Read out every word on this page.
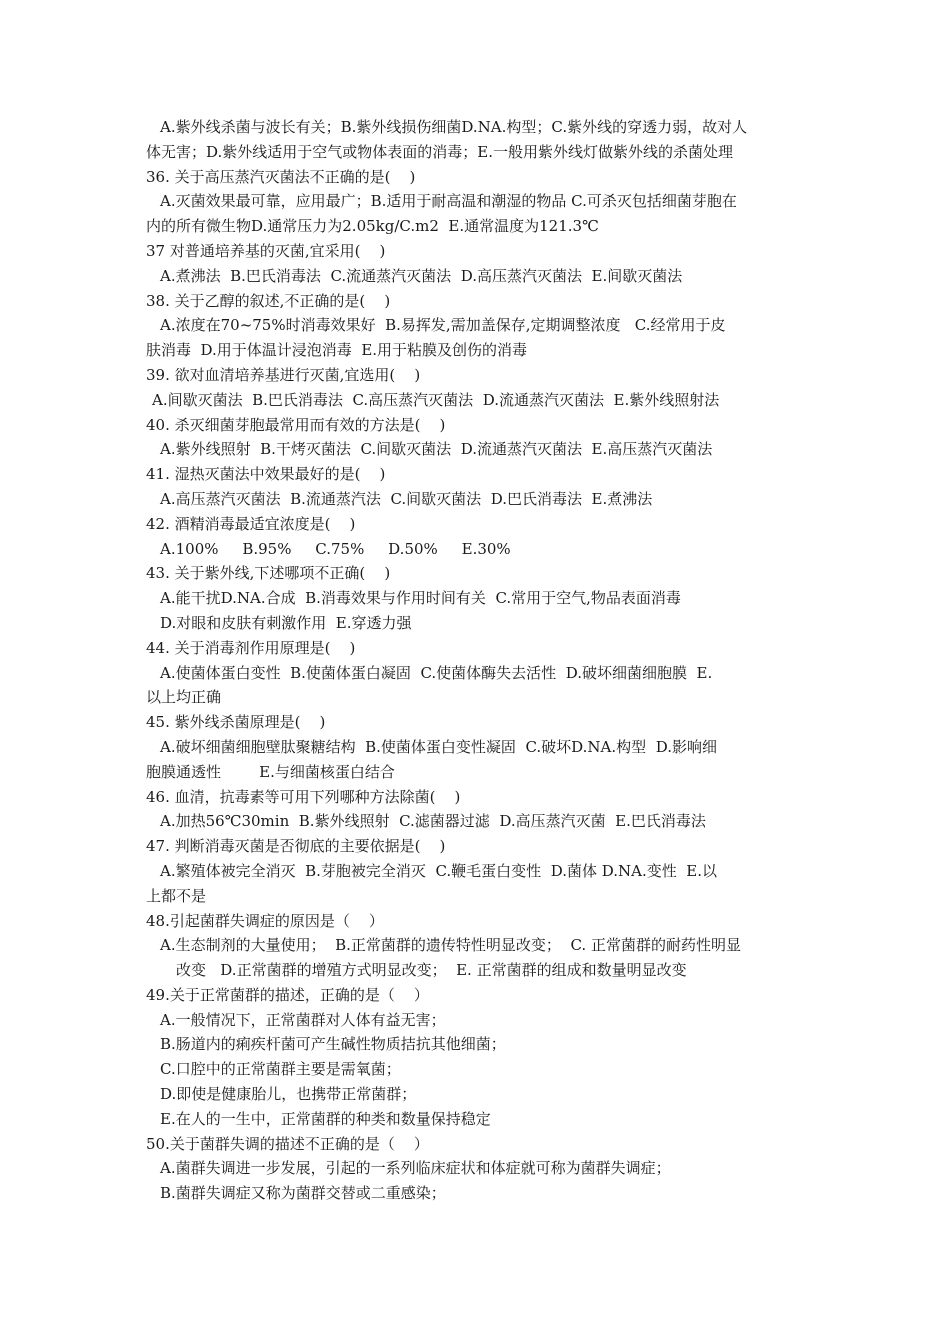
A.紫外线杀菌与波长有关；B.紫外线损伤细菌D.NA.构型；C.紫外线的穿透力弱，故对人
体无害；D.紫外线适用于空气或物体表面的消毒；E.一般用紫外线灯做紫外线的杀菌处理
36. 关于高压蒸汽灭菌法不正确的是(    )
A.灭菌效果最可靠，应用最广；B.适用于耐高温和潮湿的物品 C.可杀灭包括细菌芽胞在
内的所有微生物D.通常压力为2.05kg/C.m2  E.通常温度为121.3℃
37 对普通培养基的灭菌,宜采用(    )
A.煮沸法  B.巴氏消毒法  C.流通蒸汽灭菌法  D.高压蒸汽灭菌法  E.间歇灭菌法
38. 关于乙醇的叙述,不正确的是(    )
A.浓度在70~75%时消毒效果好  B.易挥发,需加盖保存,定期调整浓度   C.经常用于皮
肤消毒  D.用于体温计浸泡消毒  E.用于粘膜及创伤的消毒
39. 欲对血清培养基进行灭菌,宜选用(    )
A.间歇灭菌法  B.巴氏消毒法  C.高压蒸汽灭菌法  D.流通蒸汽灭菌法  E.紫外线照射法
40. 杀灭细菌芽胞最常用而有效的方法是(    )
A.紫外线照射  B.干烤灭菌法  C.间歇灭菌法  D.流通蒸汽灭菌法  E.高压蒸汽灭菌法
41. 湿热灭菌法中效果最好的是(    )
A.高压蒸汽灭菌法  B.流通蒸汽法  C.间歇灭菌法  D.巴氏消毒法  E.煮沸法
42. 酒精消毒最适宜浓度是(    )
A.100%     B.95%     C.75%     D.50%     E.30%
43. 关于紫外线,下述哪项不正确(    )
A.能干扰D.NA.合成  B.消毒效果与作用时间有关  C.常用于空气,物品表面消毒
D.对眼和皮肤有刺激作用  E.穿透力强
44. 关于消毒剂作用原理是(    )
A.使菌体蛋白变性  B.使菌体蛋白凝固  C.使菌体酶失去活性  D.破坏细菌细胞膜  E.
以上均正确
45. 紫外线杀菌原理是(    )
A.破坏细菌细胞壁肽聚糖结构  B.使菌体蛋白变性凝固  C.破坏D.NA.构型  D.影响细
胞膜通透性        E.与细菌核蛋白结合
46. 血清，抗毒素等可用下列哪种方法除菌(    )
A.加热56℃30min  B.紫外线照射  C.滤菌器过滤  D.高压蒸汽灭菌  E.巴氏消毒法
47. 判断消毒灭菌是否彻底的主要依据是(    )
A.繁殖体被完全消灭  B.芽胞被完全消灭  C.鞭毛蛋白变性  D.菌体 D.NA.变性  E.以
上都不是
48.引起菌群失调症的原因是（    ）
A.生态制剂的大量使用；  B.正常菌群的遗传特性明显改变；  C. 正常菌群的耐药性明显
改变   D.正常菌群的增殖方式明显改变；  E. 正常菌群的组成和数量明显改变
49.关于正常菌群的描述，正确的是（    ）
A.一般情况下，正常菌群对人体有益无害；
B.肠道内的痢疾杆菌可产生碱性物质拮抗其他细菌；
C.口腔中的正常菌群主要是需氧菌；
D.即使是健康胎儿，也携带正常菌群；
E.在人的一生中，正常菌群的种类和数量保持稳定
50.关于菌群失调的描述不正确的是（    ）
A.菌群失调进一步发展，引起的一系列临床症状和体症就可称为菌群失调症；
B.菌群失调症又称为菌群交替或二重感染；
